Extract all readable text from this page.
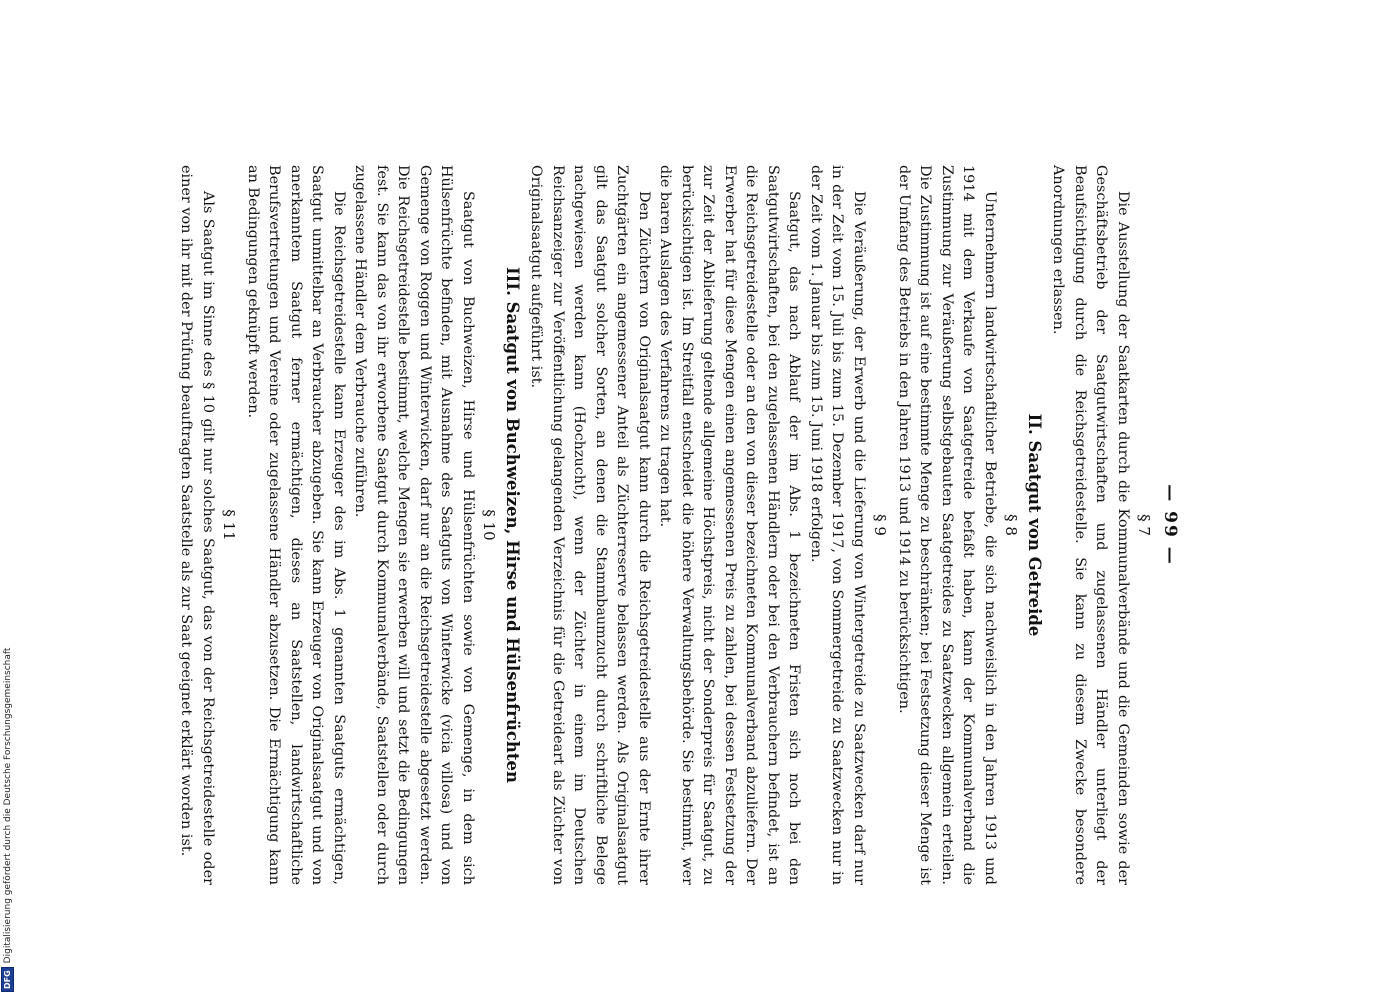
DFG
Digitalisierung gefördert durch die Deutsche Forschungsgemeinschaft
— 99 —
§ 7

Die Ausstellung der Saatkarten durch die Kommunalverbände und die Gemeinden sowie der Geschäftsbetrieb der Saatgutwirtschaften und zugelassenen Händler unterliegt der Beaufsichtigung durch die Reichsgetreidestelle. Sie kann zu diesem Zwecke besondere Anordnungen erlassen.

II. Saatgut von Getreide
§ 8

Unternehmern landwirtschaftlicher Betriebe, die sich nachweislich in den Jahren 1913 und 1914 mit dem Verkaufe von Saatgetreide befaßt haben, kann der Kommunalverband die Zustimmung zur Veräußerung selbstgebauten Saatgetreides zu Saatzwecken allgemein erteilen. Die Zustimmung ist auf eine bestimmte Menge zu beschränken; bei Festsetzung dieser Menge ist der Umfang des Betriebs in den Jahren 1913 und 1914 zu berücksichtigen.

§ 9

Die Veräußerung, der Erwerb und die Lieferung von Wintergetreide zu Saatzwecken darf nur in der Zeit vom 15. Juli bis zum 15. Dezember 1917, von Sommergetreide zu Saatzwecken nur in der Zeit vom 1. Januar bis zum 15. Juni 1918 erfolgen.

Saatgut, das nach Ablauf der im Abs. 1 bezeichneten Fristen sich noch bei den Saatgutwirtschaften, bei den zugelassenen Händlern oder bei den Verbrauchern befindet, ist an die Reichsgetreidestelle oder an den von dieser bezeichneten Kommunalverband abzuliefern. Der Erwerber hat für diese Mengen einen angemessenen Preis zu zahlen, bei dessen Festsetzung der zur Zeit der Ablieferung geltende allgemeine Höchstpreis, nicht der Sonderpreis für Saatgut, zu berücksichtigen ist. Im Streitfall entscheidet die höhere Verwaltungsbehörde. Sie bestimmt, wer die baren Auslagen des Verfahrens zu tragen hat.

Den Züchtern von Originalsaatgut kann durch die Reichsgetreidestelle aus der Ernte ihrer Zuchtgärten ein angemessener Anteil als Züchterreserve belassen werden. Als Originalsaatgut gilt das Saatgut solcher Sorten, an denen die Stammbaumzucht durch schriftliche Belege nachgewiesen werden kann (Hochzucht), wenn der Züchter in einem im Deutschen Reichsanzeiger zur Veröffentlichung gelangenden Verzeichnis für die Getreideart als Züchter von Originalsaatgut aufgeführt ist.

III. Saatgut von Buchweizen, Hirse und Hülsenfrüchten
§ 10

Saatgut von Buchweizen, Hirse und Hülsenfrüchten sowie von Gemenge, in dem sich Hülsenfrüchte befinden, mit Ausnahme des Saatguts von Winterwicke (vicia villosa) und von Gemenge von Roggen und Winterwicken, darf nur an die Reichsgetreidestelle abgesetzt werden. Die Reichsgetreidestelle bestimmt, welche Mengen sie erwerben will und setzt die Bedingungen fest. Sie kann das von ihr erworbene Saatgut durch Kommunalverbände, Saatstellen oder durch zugelassene Händler dem Verbrauche zuführen.

Die Reichsgetreidestelle kann Erzeuger des im Abs. 1 genannten Saatguts ermächtigen, Saatgut unmittelbar an Verbraucher abzugeben. Sie kann Erzeuger von Originalsaatgut und von anerkanntem Saatgut ferner ermächtigen, dieses an Saatstellen, landwirtschaftliche Berufsvertretungen und Vereine oder zugelassene Händler abzusetzen. Die Ermächtigung kann an Bedingungen geknüpft werden.

§ 11

Als Saatgut im Sinne des § 10 gilt nur solches Saatgut, das von der Reichsgetreidestelle oder einer von ihr mit der Prüfung beauftragten Saatstelle als zur Saat geeignet erklärt worden ist.
